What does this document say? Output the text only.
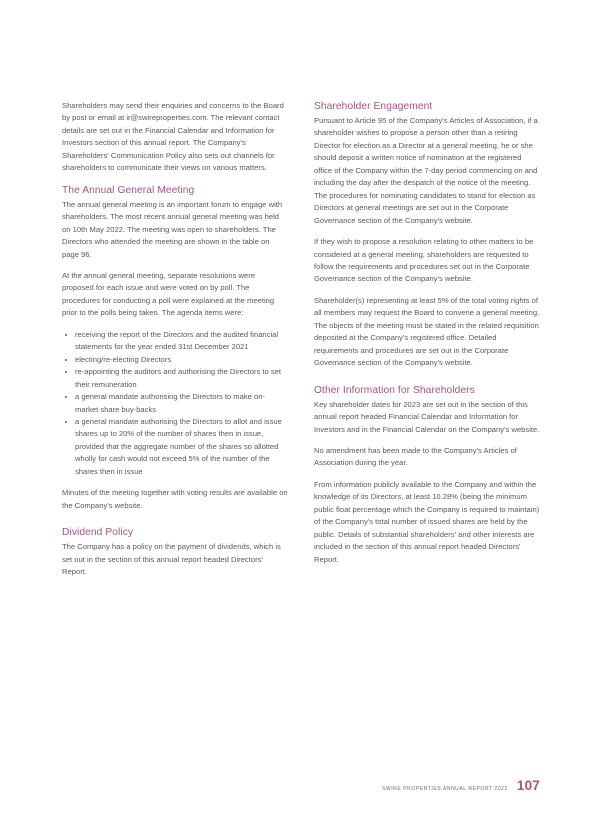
Shareholders may send their enquiries and concerns to the Board by post or email at ir@swireproperties.com. The relevant contact details are set out in the Financial Calendar and Information for Investors section of this annual report. The Company's Shareholders' Communication Policy also sets out channels for shareholders to communicate their views on various matters.

The Annual General Meeting

The annual general meeting is an important forum to engage with shareholders. The most recent annual general meeting was held on 10th May 2022. The meeting was open to shareholders. The Directors who attended the meeting are shown in the table on page 96.

At the annual general meeting, separate resolutions were proposed for each issue and were voted on by poll. The procedures for conducting a poll were explained at the meeting prior to the polls being taken. The agenda items were:

receiving the report of the Directors and the audited financial statements for the year ended 31st December 2021
electing/re-electing Directors
re-appointing the auditors and authorising the Directors to set their remuneration
a general mandate authorising the Directors to make on-market share buy-backs
a general mandate authorising the Directors to allot and issue shares up to 20% of the number of shares then in issue, provided that the aggregate number of the shares so allotted wholly for cash would not exceed 5% of the number of the shares then in issue

Minutes of the meeting together with voting results are available on the Company's website.

Dividend Policy

The Company has a policy on the payment of dividends, which is set out in the section of this annual report headed Directors' Report.

Shareholder Engagement

Pursuant to Article 95 of the Company's Articles of Association, if a shareholder wishes to propose a person other than a retiring Director for election as a Director at a general meeting, he or she should deposit a written notice of nomination at the registered office of the Company within the 7-day period commencing on and including the day after the despatch of the notice of the meeting. The procedures for nominating candidates to stand for election as Directors at general meetings are set out in the Corporate Governance section of the Company's website.

If they wish to propose a resolution relating to other matters to be considered at a general meeting, shareholders are requested to follow the requirements and procedures set out in the Corporate Governance section of the Company's website.

Shareholder(s) representing at least 5% of the total voting rights of all members may request the Board to convene a general meeting. The objects of the meeting must be stated in the related requisition deposited at the Company's registered office. Detailed requirements and procedures are set out in the Corporate Governance section of the Company's website.

Other Information for Shareholders

Key shareholder dates for 2023 are set out in the section of this annual report headed Financial Calendar and Information for Investors and in the Financial Calendar on the Company's website.

No amendment has been made to the Company's Articles of Association during the year.

From information publicly available to the Company and within the knowledge of its Directors, at least 10.28% (being the minimum public float percentage which the Company is required to maintain) of the Company's total number of issued shares are held by the public. Details of substantial shareholders' and other interests are included in the section of this annual report headed Directors' Report.

SWIRE PROPERTIES ANNUAL REPORT 2022 107
